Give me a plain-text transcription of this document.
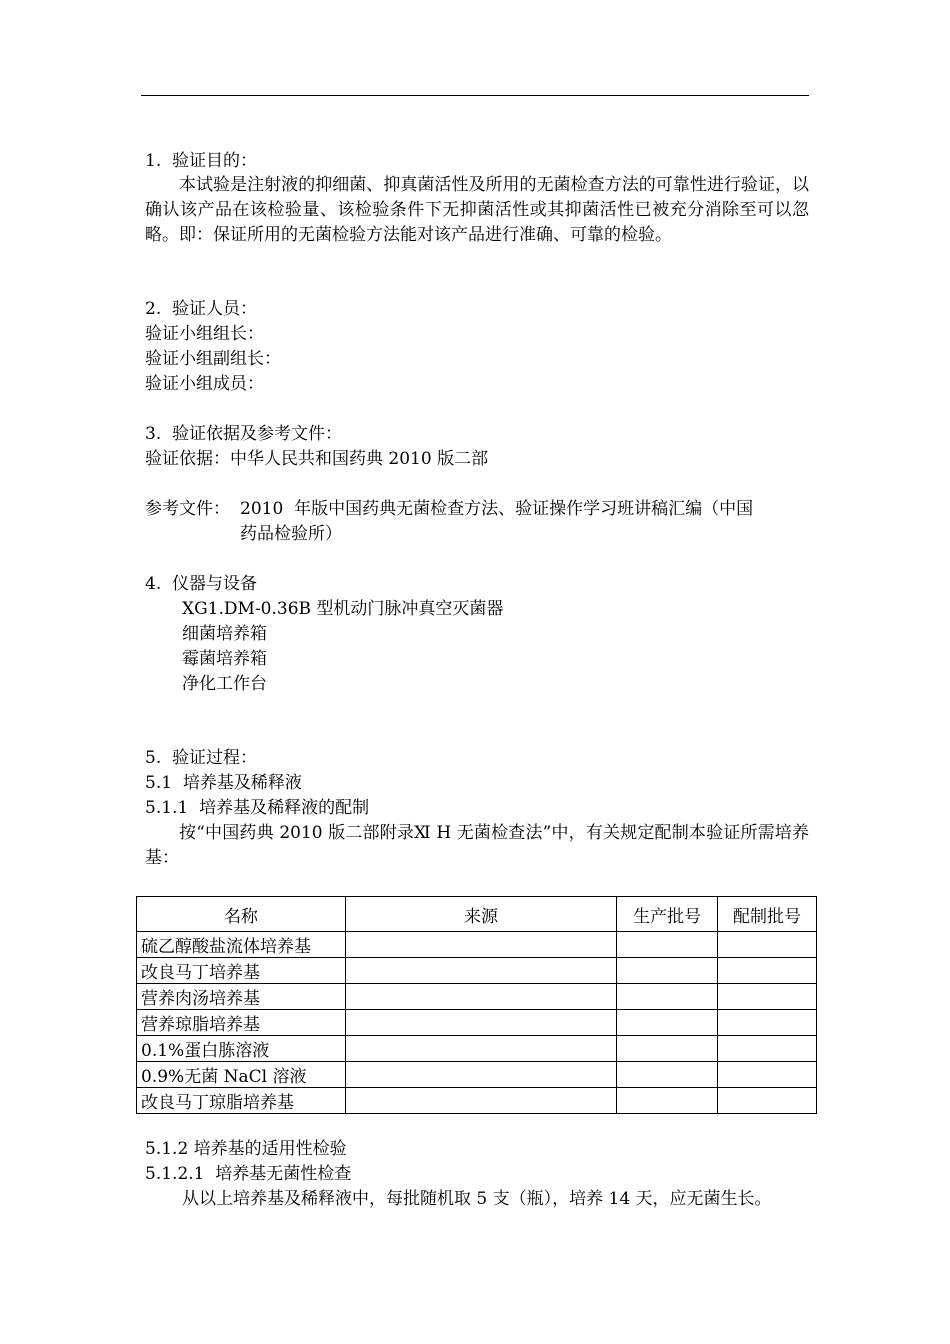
1.  验证目的：
本试验是注射液的抑细菌、抑真菌活性及所用的无菌检查方法的可靠性进行验证，以确认该产品在该检验量、该检验条件下无抑菌活性或其抑菌活性已被充分消除至可以忽略。即：保证所用的无菌检验方法能对该产品进行准确、可靠的检验。
2.  验证人员：
验证小组组长：
验证小组副组长：
验证小组成员：
3.  验证依据及参考文件：
验证依据：中华人民共和国药典 2010 版二部
参考文件： 2010  年版中国药典无菌检查方法、验证操作学习班讲稿汇编（中国
药品检验所）
4.  仪器与设备
XG1.DM-0.36B 型机动门脉冲真空灭菌器
细菌培养箱
霉菌培养箱
净化工作台
5.  验证过程：
5.1  培养基及稀释液
5.1.1  培养基及稀释液的配制
按“中国药典 2010 版二部附录Ⅺ H 无菌检查法”中，有关规定配制本验证所需培养基：
名称	来源	生产批号	配制批号
硫乙醇酸盐流体培养基			
改良马丁培养基			
营养肉汤培养基			
营养琼脂培养基			
0.1%蛋白胨溶液			
0.9%无菌 NaCl 溶液			
改良马丁琼脂培养基			
5.1.2 培养基的适用性检验
5.1.2.1  培养基无菌性检查
从以上培养基及稀释液中，每批随机取 5 支（瓶），培养 14 天，应无菌生长。
